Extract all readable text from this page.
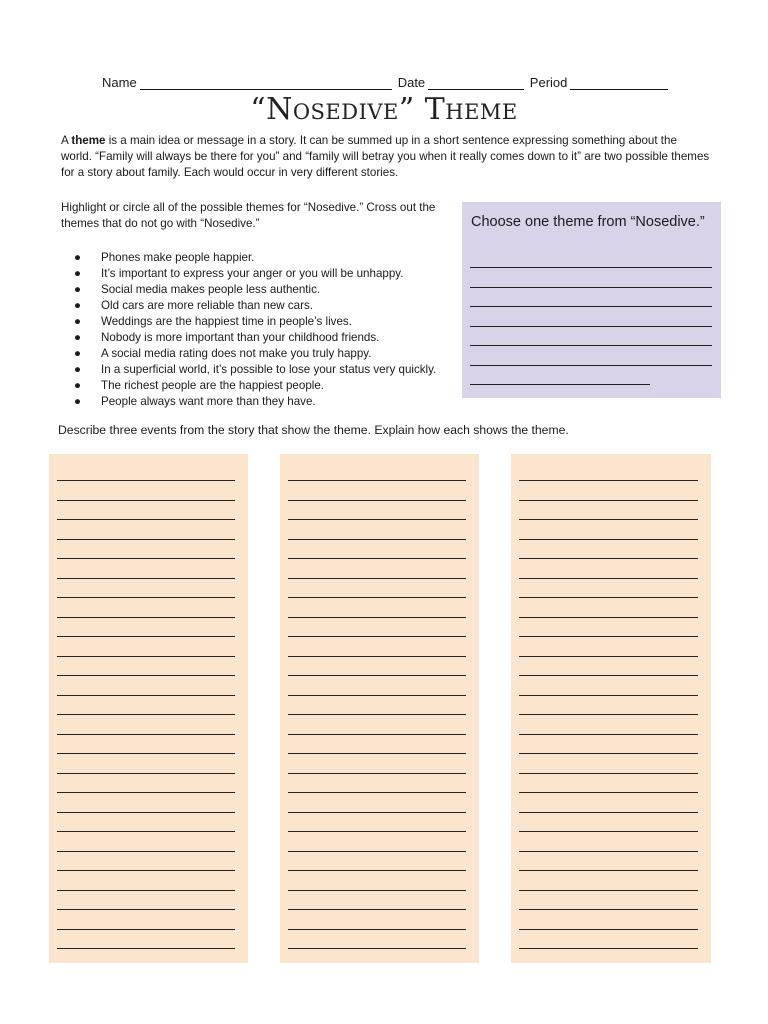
Name	Date	Period
“Nosedive” Theme
A theme is a main idea or message in a story. It can be summed up in a short sentence expressing something about the world. “Family will always be there for you” and “family will betray you when it really comes down to it” are two possible themes for a story about family. Each would occur in very different stories.
Highlight or circle all of the possible themes for “Nosedive.” Cross out the themes that do not go with “Nosedive.”
● Phones make people happier.
● It’s important to express your anger or you will be unhappy.
● Social media makes people less authentic.
● Old cars are more reliable than new cars.
● Weddings are the happiest time in people’s lives.
● Nobody is more important than your childhood friends.
● A social media rating does not make you truly happy.
● In a superficial world, it’s possible to lose your status very quickly.
● The richest people are the happiest people.
● People always want more than they have.
Choose one theme from “Nosedive.”
Describe three events from the story that show the theme. Explain how each shows the theme.
